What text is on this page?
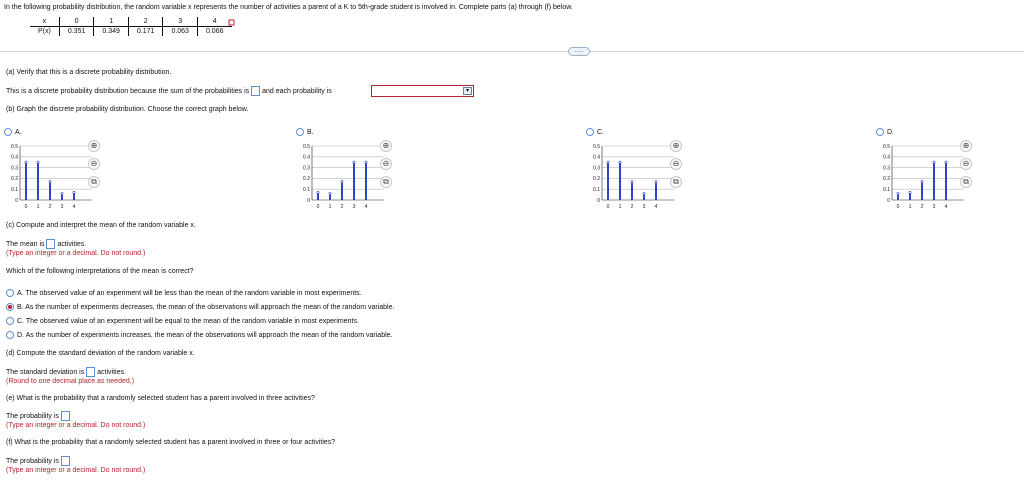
In the following probability distribution, the random variable x represents the number of activities a parent of a K to 5th-grade student is involved in. Complete parts (a) through (f) below.
x	0	1	2	3	4
P(x)	0.351	0.349	0.171	0.063	0.066
.....
(a) Verify that this is a discrete probability distribution.
This is a discrete probability distribution because the sum of the probabilities is and each probability is	▾
(b) Graph the discrete probability distribution. Choose the correct graph below.
A.
0.5
0.4
0.3
0.2
0.1
0
0 1 2 3 4
⊕
⊖
⧉
B.
0.5
0.4
0.3
0.2
0.1
0
0 1 2 3 4
⊕
⊖
⧉
C.
0.5
0.4
0.3
0.2
0.1
0
0 1 2 3 4
⊕
⊖
⧉
D.
0.5
0.4
0.3
0.2
0.1
0
0 1 2 3 4
⊕
⊖
⧉
(c) Compute and interpret the mean of the random variable x.
The mean is activities.
(Type an integer or a decimal. Do not round.)
Which of the following interpretations of the mean is correct?
A. The observed value of an experiment will be less than the mean of the random variable in most experiments.
B. As the number of experiments decreases, the mean of the observations will approach the mean of the random variable.
C. The observed value of an experiment will be equal to the mean of the random variable in most experiments.
D. As the number of experiments increases, the mean of the observations will approach the mean of the random variable.
(d) Compute the standard deviation of the random variable x.
The standard deviation is activities.
(Round to one decimal place as needed.)
(e) What is the probability that a randomly selected student has a parent involved in three activities?
The probability is
(Type an integer or a decimal. Do not round.)
(f) What is the probability that a randomly selected student has a parent involved in three or four activities?
The probability is
(Type an integer or a decimal. Do not round.)
